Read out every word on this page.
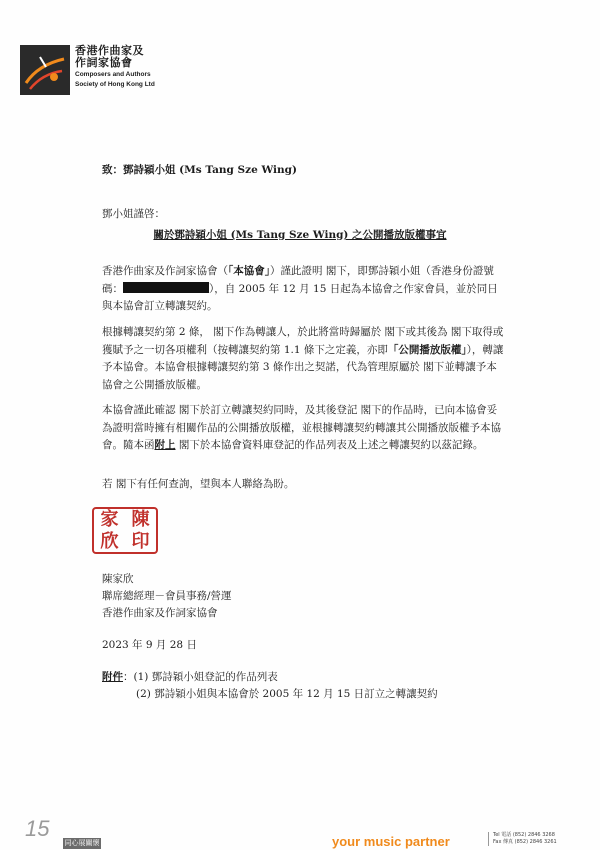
香港作曲家及
作詞家協會
Composers and Authors
Society of Hong Kong Ltd
致：鄧詩穎小姐 (Ms Tang Sze Wing)
鄧小姐謹啓：
關於鄧詩穎小姐 (Ms Tang Sze Wing) 之公開播放版權事宜

香港作曲家及作詞家協會（「本協會」）謹此證明 閣下，即鄧詩穎小姐（香港身份證號碼：	），自 2005 年 12 月 15 日起為本協會之作家會員，並於同日與本協會訂立轉讓契約。

根據轉讓契約第 2 條， 閣下作為轉讓人，於此將當時歸屬於 閣下或其後為 閣下取得或獲賦予之一切各項權利（按轉讓契約第 1.1 條下之定義，亦即「公開播放版權」），轉讓予本協會。本協會根據轉讓契約第 3 條作出之契諾，代為管理原屬於 閣下並轉讓予本協會之公開播放版權。

本協會謹此確認 閣下於訂立轉讓契約同時，及其後登記 閣下的作品時，已向本協會妥為證明當時擁有相關作品的公開播放版權，並根據轉讓契約轉讓其公開播放版權予本協會。隨本函附上 閣下於本協會資料庫登記的作品列表及上述之轉讓契約以茲記錄。

若 閣下有任何查詢，望與本人聯絡為盼。
家 陳
欣 印
陳家欣
聯席總經理－會員事務/營運
香港作曲家及作詞家協會
2023 年 9 月 28 日
附件：(1) 鄧詩穎小姐登記的作品列表
(2) 鄧詩穎小姐與本協會於 2005 年 12 月 15 日訂立之轉讓契約
15
同心展關懷	your music partner	Tel 電話 (852) 2846 3268
Fax 傳真 (852) 2846 3261
